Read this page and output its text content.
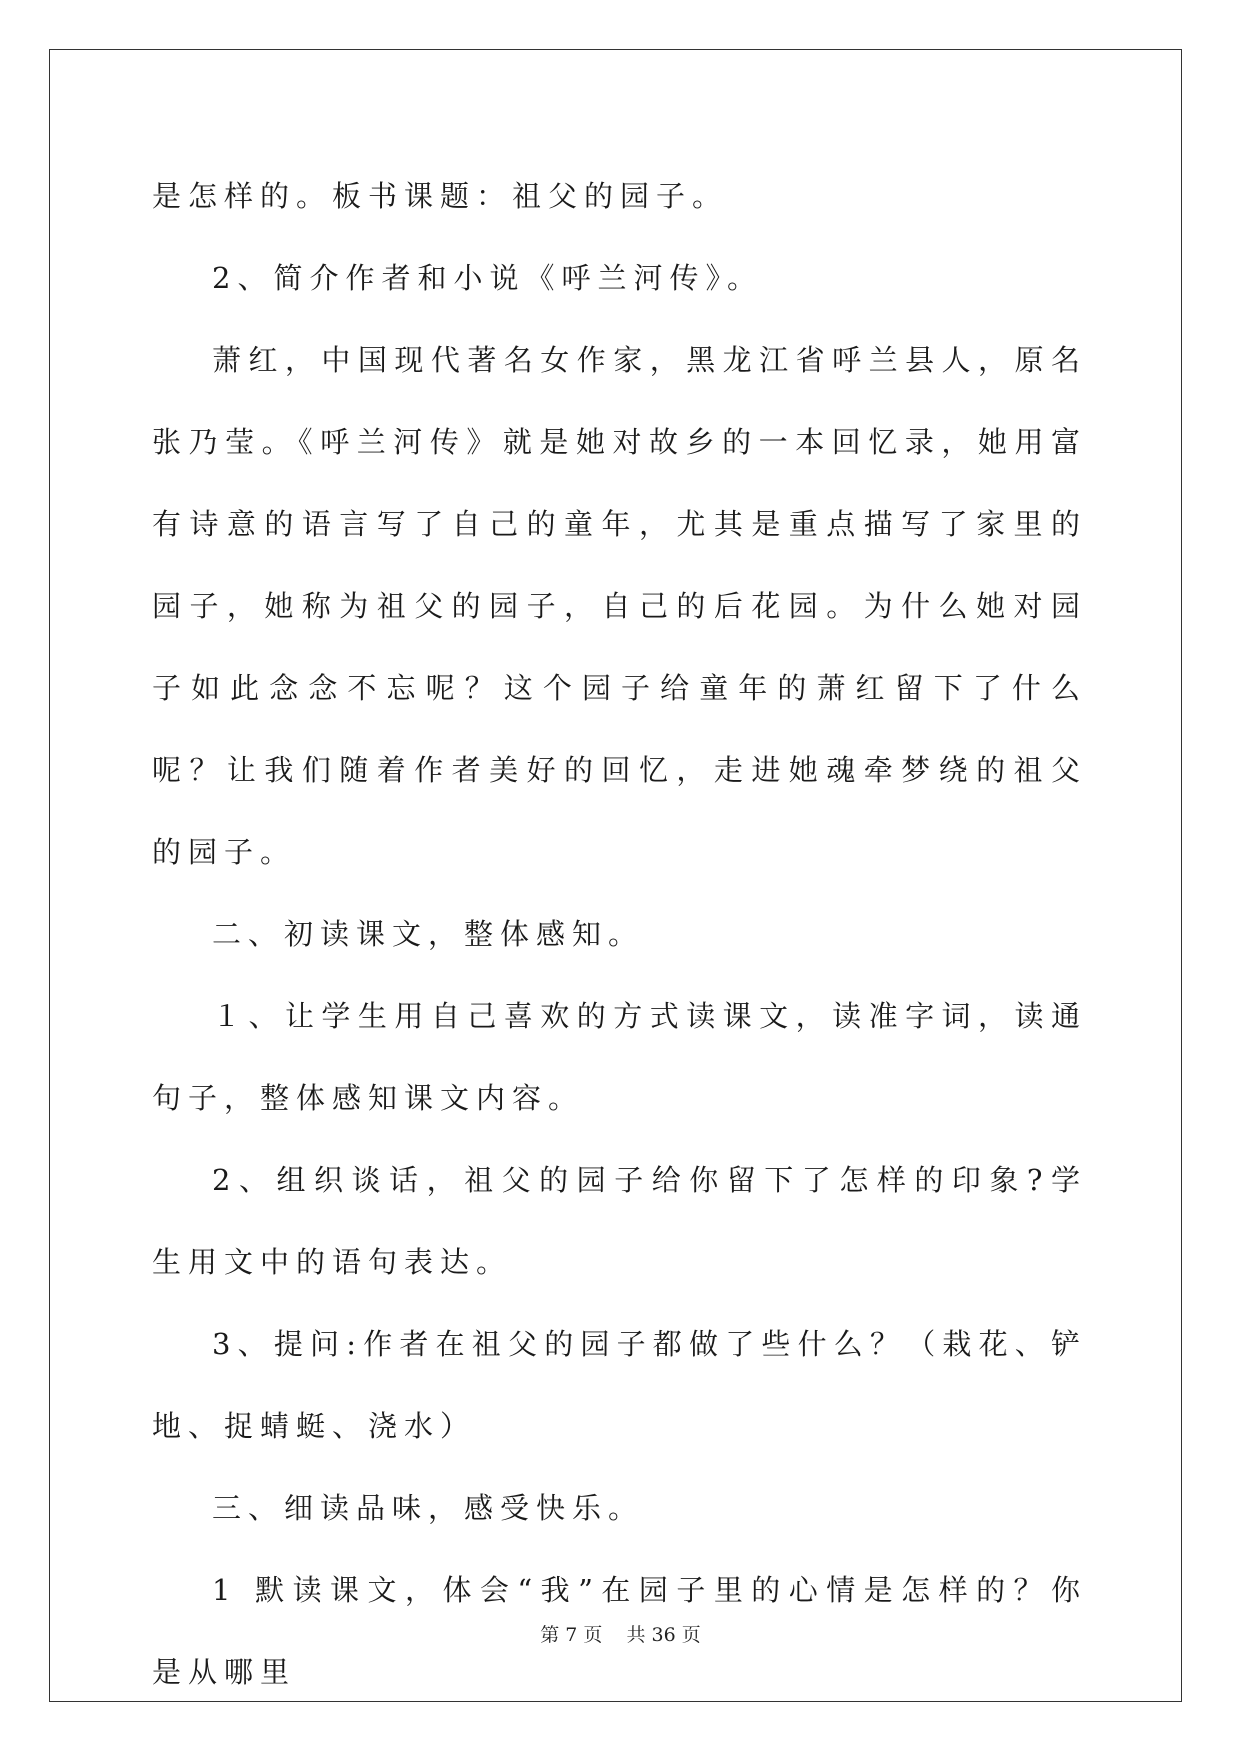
是怎样的。板书课题：祖父的园子。

2、简介作者和小说《呼兰河传》。

萧红，中国现代著名女作家，黑龙江省呼兰县人，原名张乃莹。《呼兰河传》就是她对故乡的一本回忆录，她用富有诗意的语言写了自己的童年，尤其是重点描写了家里的园子，她称为祖父的园子，自己的后花园。为什么她对园子如此念念不忘呢？这个园子给童年的萧红留下了什么呢？让我们随着作者美好的回忆，走进她魂牵梦绕的祖父的园子。

二、初读课文，整体感知。

１、让学生用自己喜欢的方式读课文，读准字词，读通句子，整体感知课文内容。

2、组织谈话，祖父的园子给你留下了怎样的印象?学生用文中的语句表达。

3、提问:作者在祖父的园子都做了些什么？（栽花、铲地、捉蜻蜓、浇水）

三、细读品味，感受快乐。

1 默读课文，体会“我”在园子里的心情是怎样的？你是从哪里

第 7 页 共 36 页
